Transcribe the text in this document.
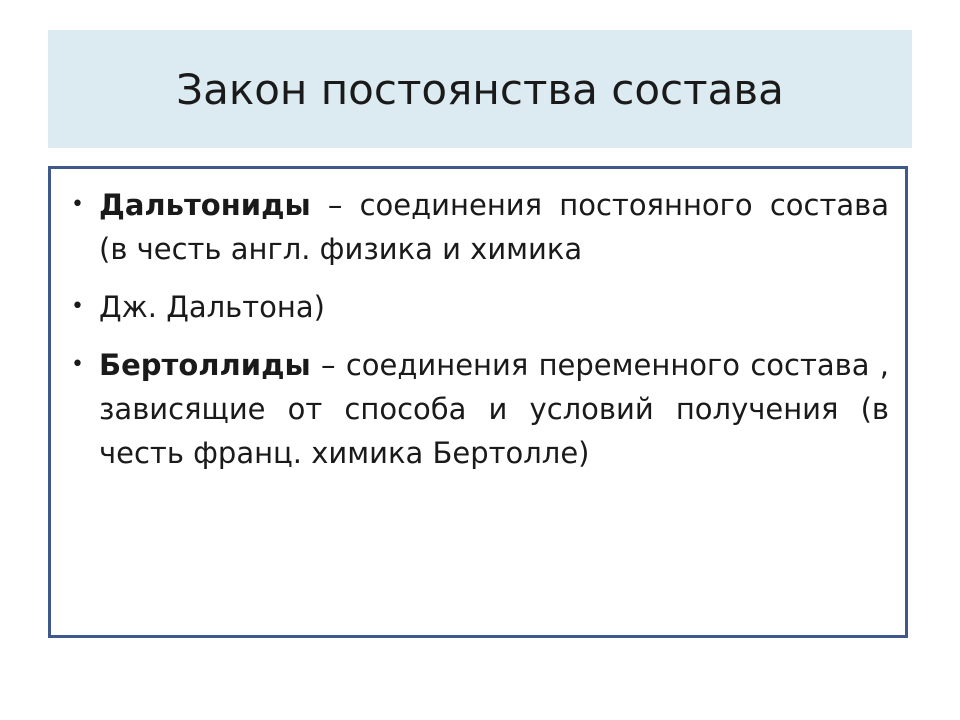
Закон постоянства состава
• Дальтониды – соединения постоянного состава (в честь англ. физика и химика
• Дж. Дальтона)
• Бертоллиды – соединения переменного состава , зависящие от способа и условий получения (в честь франц. химика Бертолле)
